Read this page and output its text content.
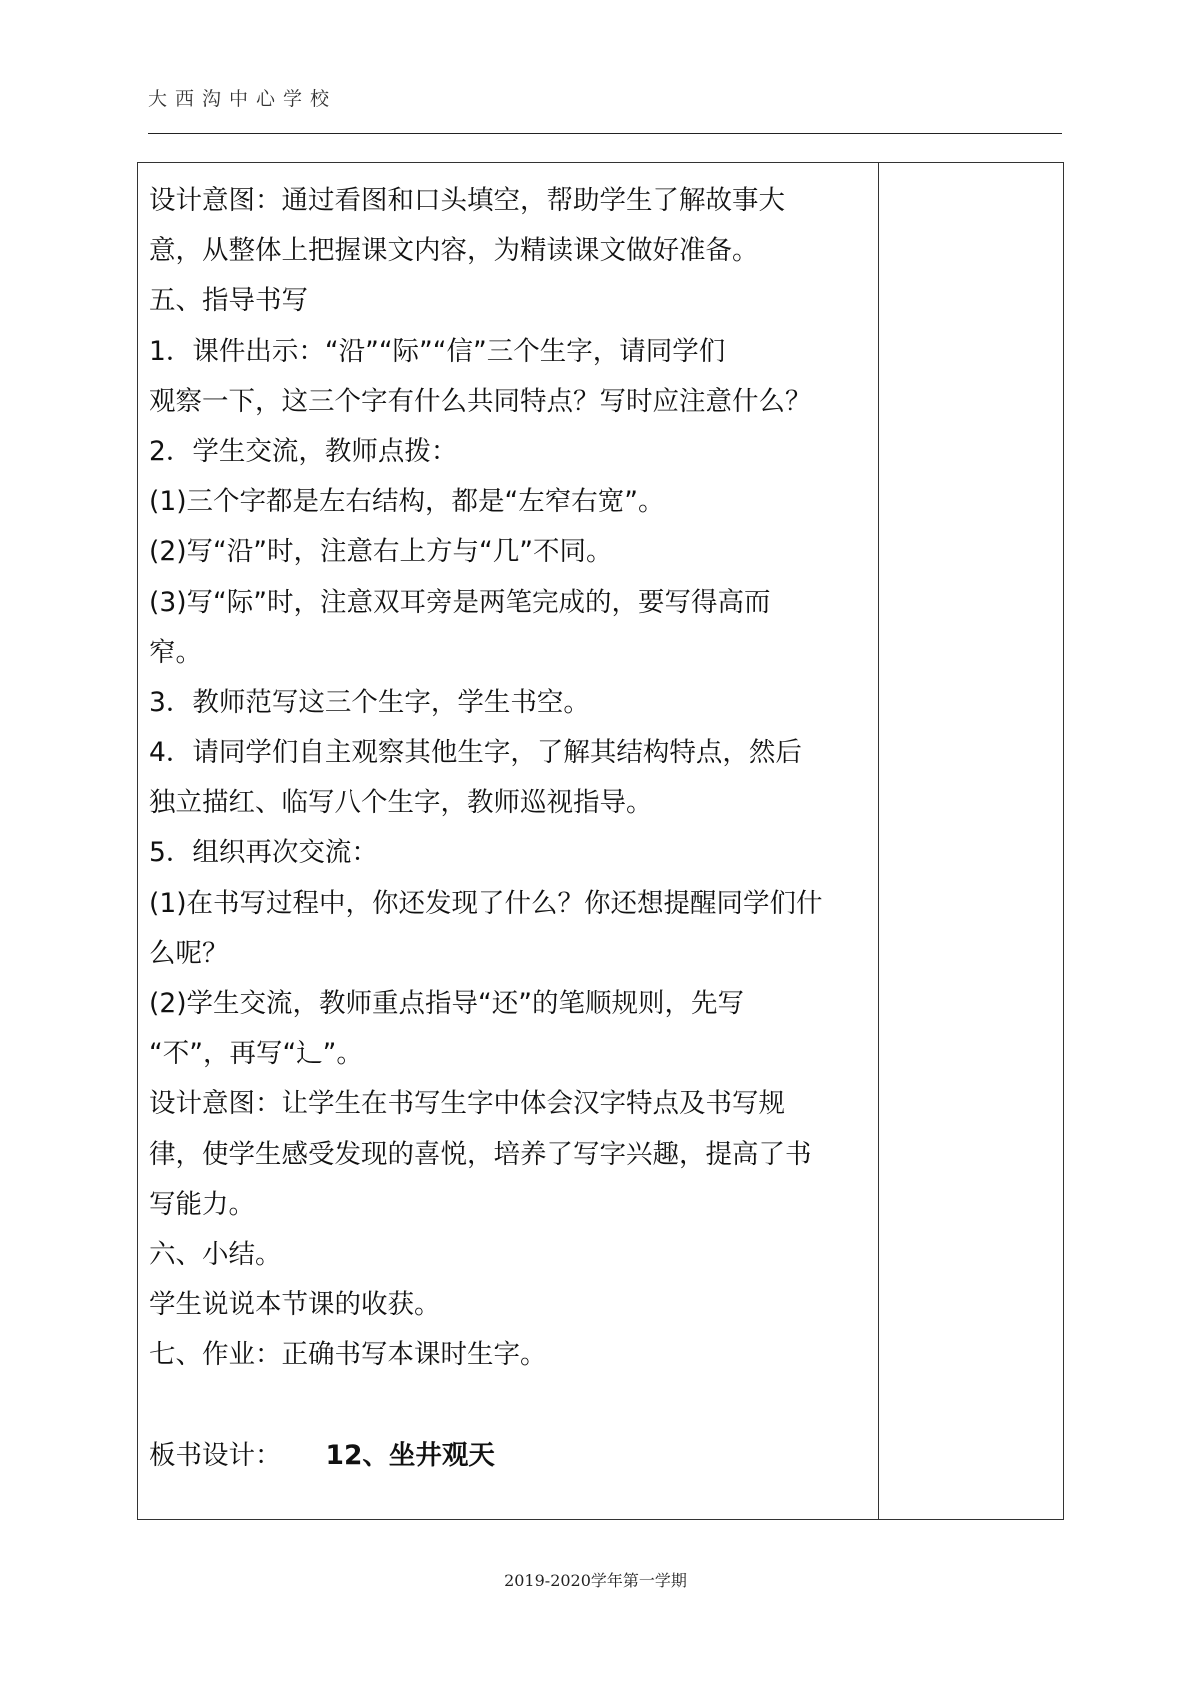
大西沟中心学校
设计意图：通过看图和口头填空，帮助学生了解故事大
意，从整体上把握课文内容，为精读课文做好准备。
五、指导书写
1．课件出示：“沿”“际”“信”三个生字，请同学们
观察一下，这三个字有什么共同特点？写时应注意什么？
2．学生交流，教师点拨：
(1)三个字都是左右结构，都是“左窄右宽”。
(2)写“沿”时，注意右上方与“几”不同。
(3)写“际”时，注意双耳旁是两笔完成的，要写得高而
窄。
3．教师范写这三个生字，学生书空。
4．请同学们自主观察其他生字，了解其结构特点，然后
独立描红、临写八个生字，教师巡视指导。
5．组织再次交流：
(1)在书写过程中，你还发现了什么？你还想提醒同学们什
么呢？
(2)学生交流，教师重点指导“还”的笔顺规则，先写
“不”，再写“辶”。
设计意图：让学生在书写生字中体会汉字特点及书写规
律，使学生感受发现的喜悦，培养了写字兴趣，提高了书
写能力。
六、小结。
学生说说本节课的收获。
七、作业：正确书写本课时生字。
板书设计： 12、坐井观天
2019-2020学年第一学期
